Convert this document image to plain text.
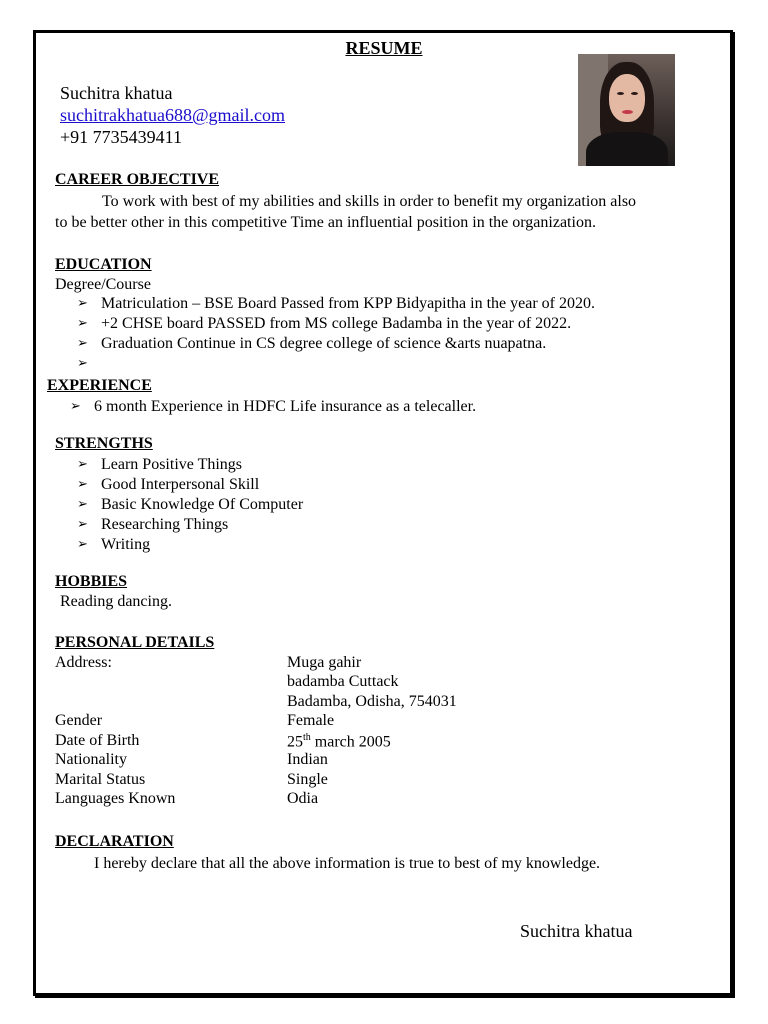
RESUME
Suchitra khatua
suchitrakhatua688@gmail.com
+91 7735439411
CAREER OBJECTIVE
To work with best of my abilities and skills in order to benefit my organization also
to be better other in this competitive Time an influential position in the organization.
EDUCATION
Degree/Course
➢ Matriculation – BSE Board Passed from KPP Bidyapitha in the year of 2020.
➢ +2 CHSE board PASSED from MS college Badamba in the year of 2022.
➢ Graduation Continue in CS degree college of science &arts nuapatna.
➢
EXPERIENCE
➢ 6 month Experience in HDFC Life insurance as a telecaller.
STRENGTHS
➢ Learn Positive Things
➢ Good Interpersonal Skill
➢ Basic Knowledge Of Computer
➢ Researching Things
➢ Writing
HOBBIES
Reading dancing.
PERSONAL DETAILS
Address:	Muga gahir
badamba Cuttack
Badamba, Odisha, 754031
Gender	Female
Date of Birth	25th march 2005
Nationality	Indian
Marital Status	Single
Languages Known	Odia
DECLARATION
I hereby declare that all the above information is true to best of my knowledge.
Suchitra khatua
